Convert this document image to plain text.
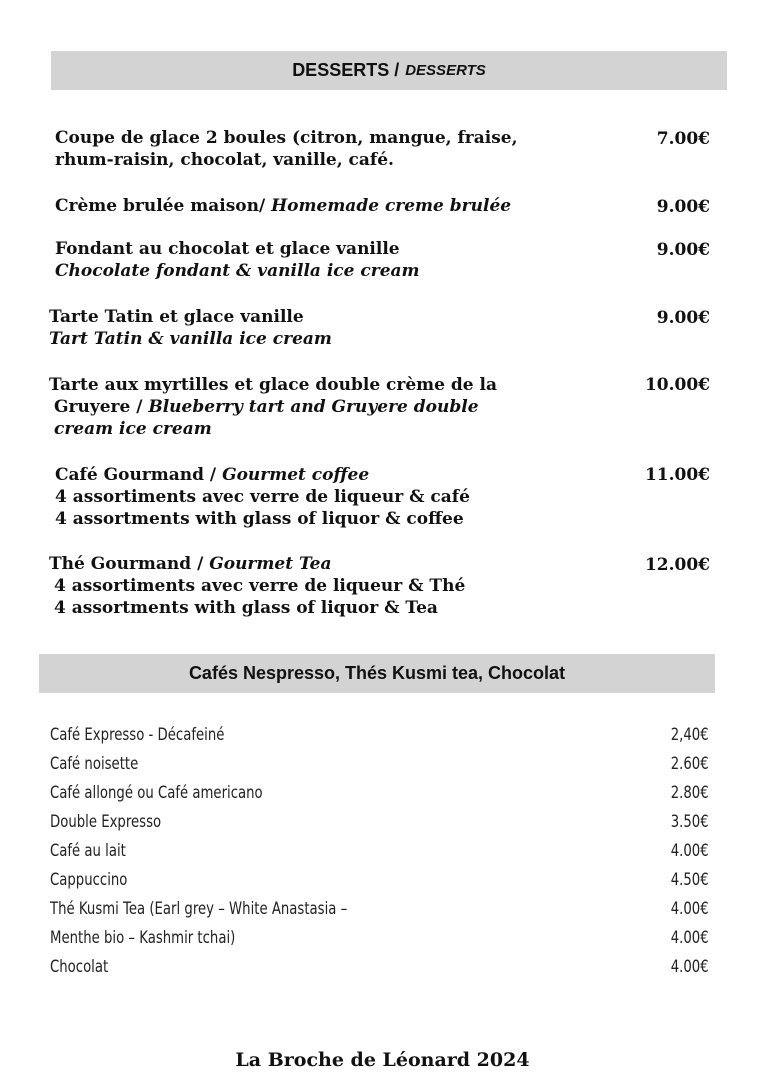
DESSERTS / DESSERTS
Coupe de glace 2 boules (citron, mangue, fraise,
rhum-raisin, chocolat, vanille, café.
7.00€
Crème brulée maison/ Homemade creme brulée	9.00€
Fondant au chocolat et glace vanille
Chocolate fondant & vanilla ice cream
9.00€
Tarte Tatin et glace vanille
Tart Tatin & vanilla ice cream
9.00€
Tarte aux myrtilles et glace double crème de la
Gruyere / Blueberry tart and Gruyere double
cream ice cream
10.00€
Café Gourmand / Gourmet coffee
4 assortiments avec verre de liqueur & café
4 assortments with glass of liquor & coffee
11.00€
Thé Gourmand / Gourmet Tea
4 assortiments avec verre de liqueur & Thé
4 assortments with glass of liquor & Tea
12.00€
Cafés Nespresso, Thés Kusmi tea, Chocolat
Café Expresso - Décafeiné	2,40€
Café noisette	2.60€
Café allongé ou Café americano	2.80€
Double Expresso	3.50€
Café au lait	4.00€
Cappuccino	4.50€
Thé Kusmi Tea (Earl grey – White Anastasia –	4.00€
Menthe bio – Kashmir tchai)	4.00€
Chocolat	4.00€
La Broche de Léonard 2024
